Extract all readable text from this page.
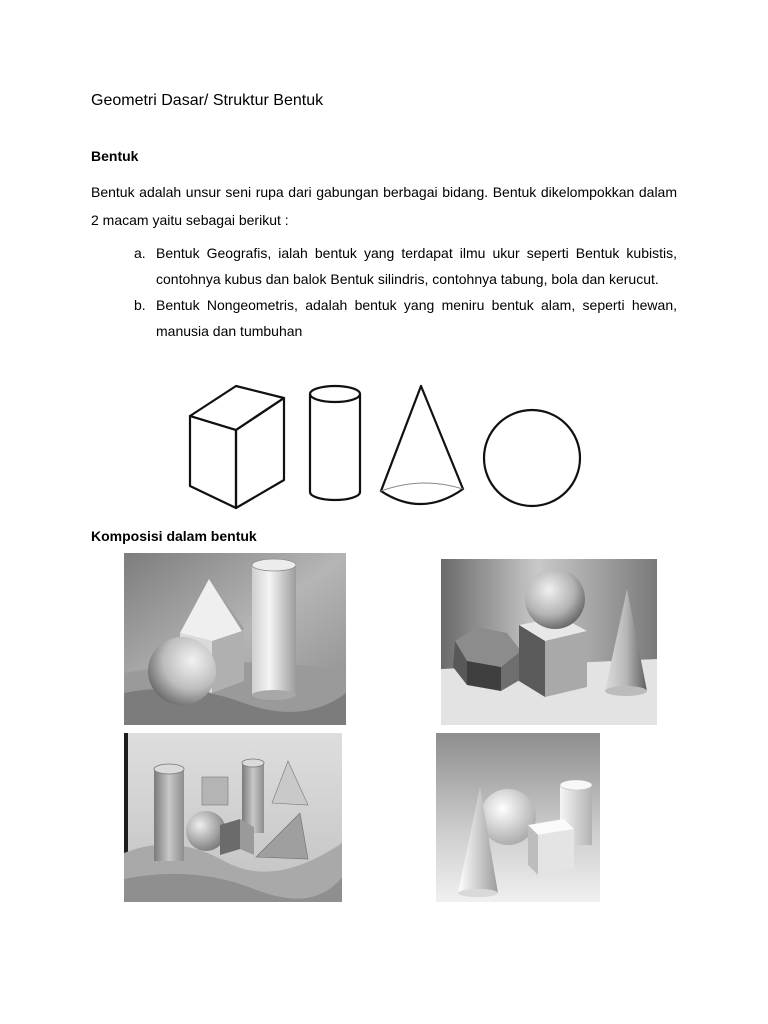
Geometri Dasar/ Struktur Bentuk
Bentuk

Bentuk adalah unsur seni rupa dari gabungan berbagai bidang. Bentuk dikelompokkan dalam 2 macam yaitu sebagai berikut :

a. Bentuk Geografis, ialah bentuk yang terdapat ilmu ukur seperti Bentuk kubistis, contohnya kubus dan balok Bentuk silindris, contohnya tabung, bola dan kerucut.
b. Bentuk Nongeometris, adalah bentuk yang meniru bentuk alam, seperti hewan, manusia dan tumbuhan
Komposisi dalam bentuk
